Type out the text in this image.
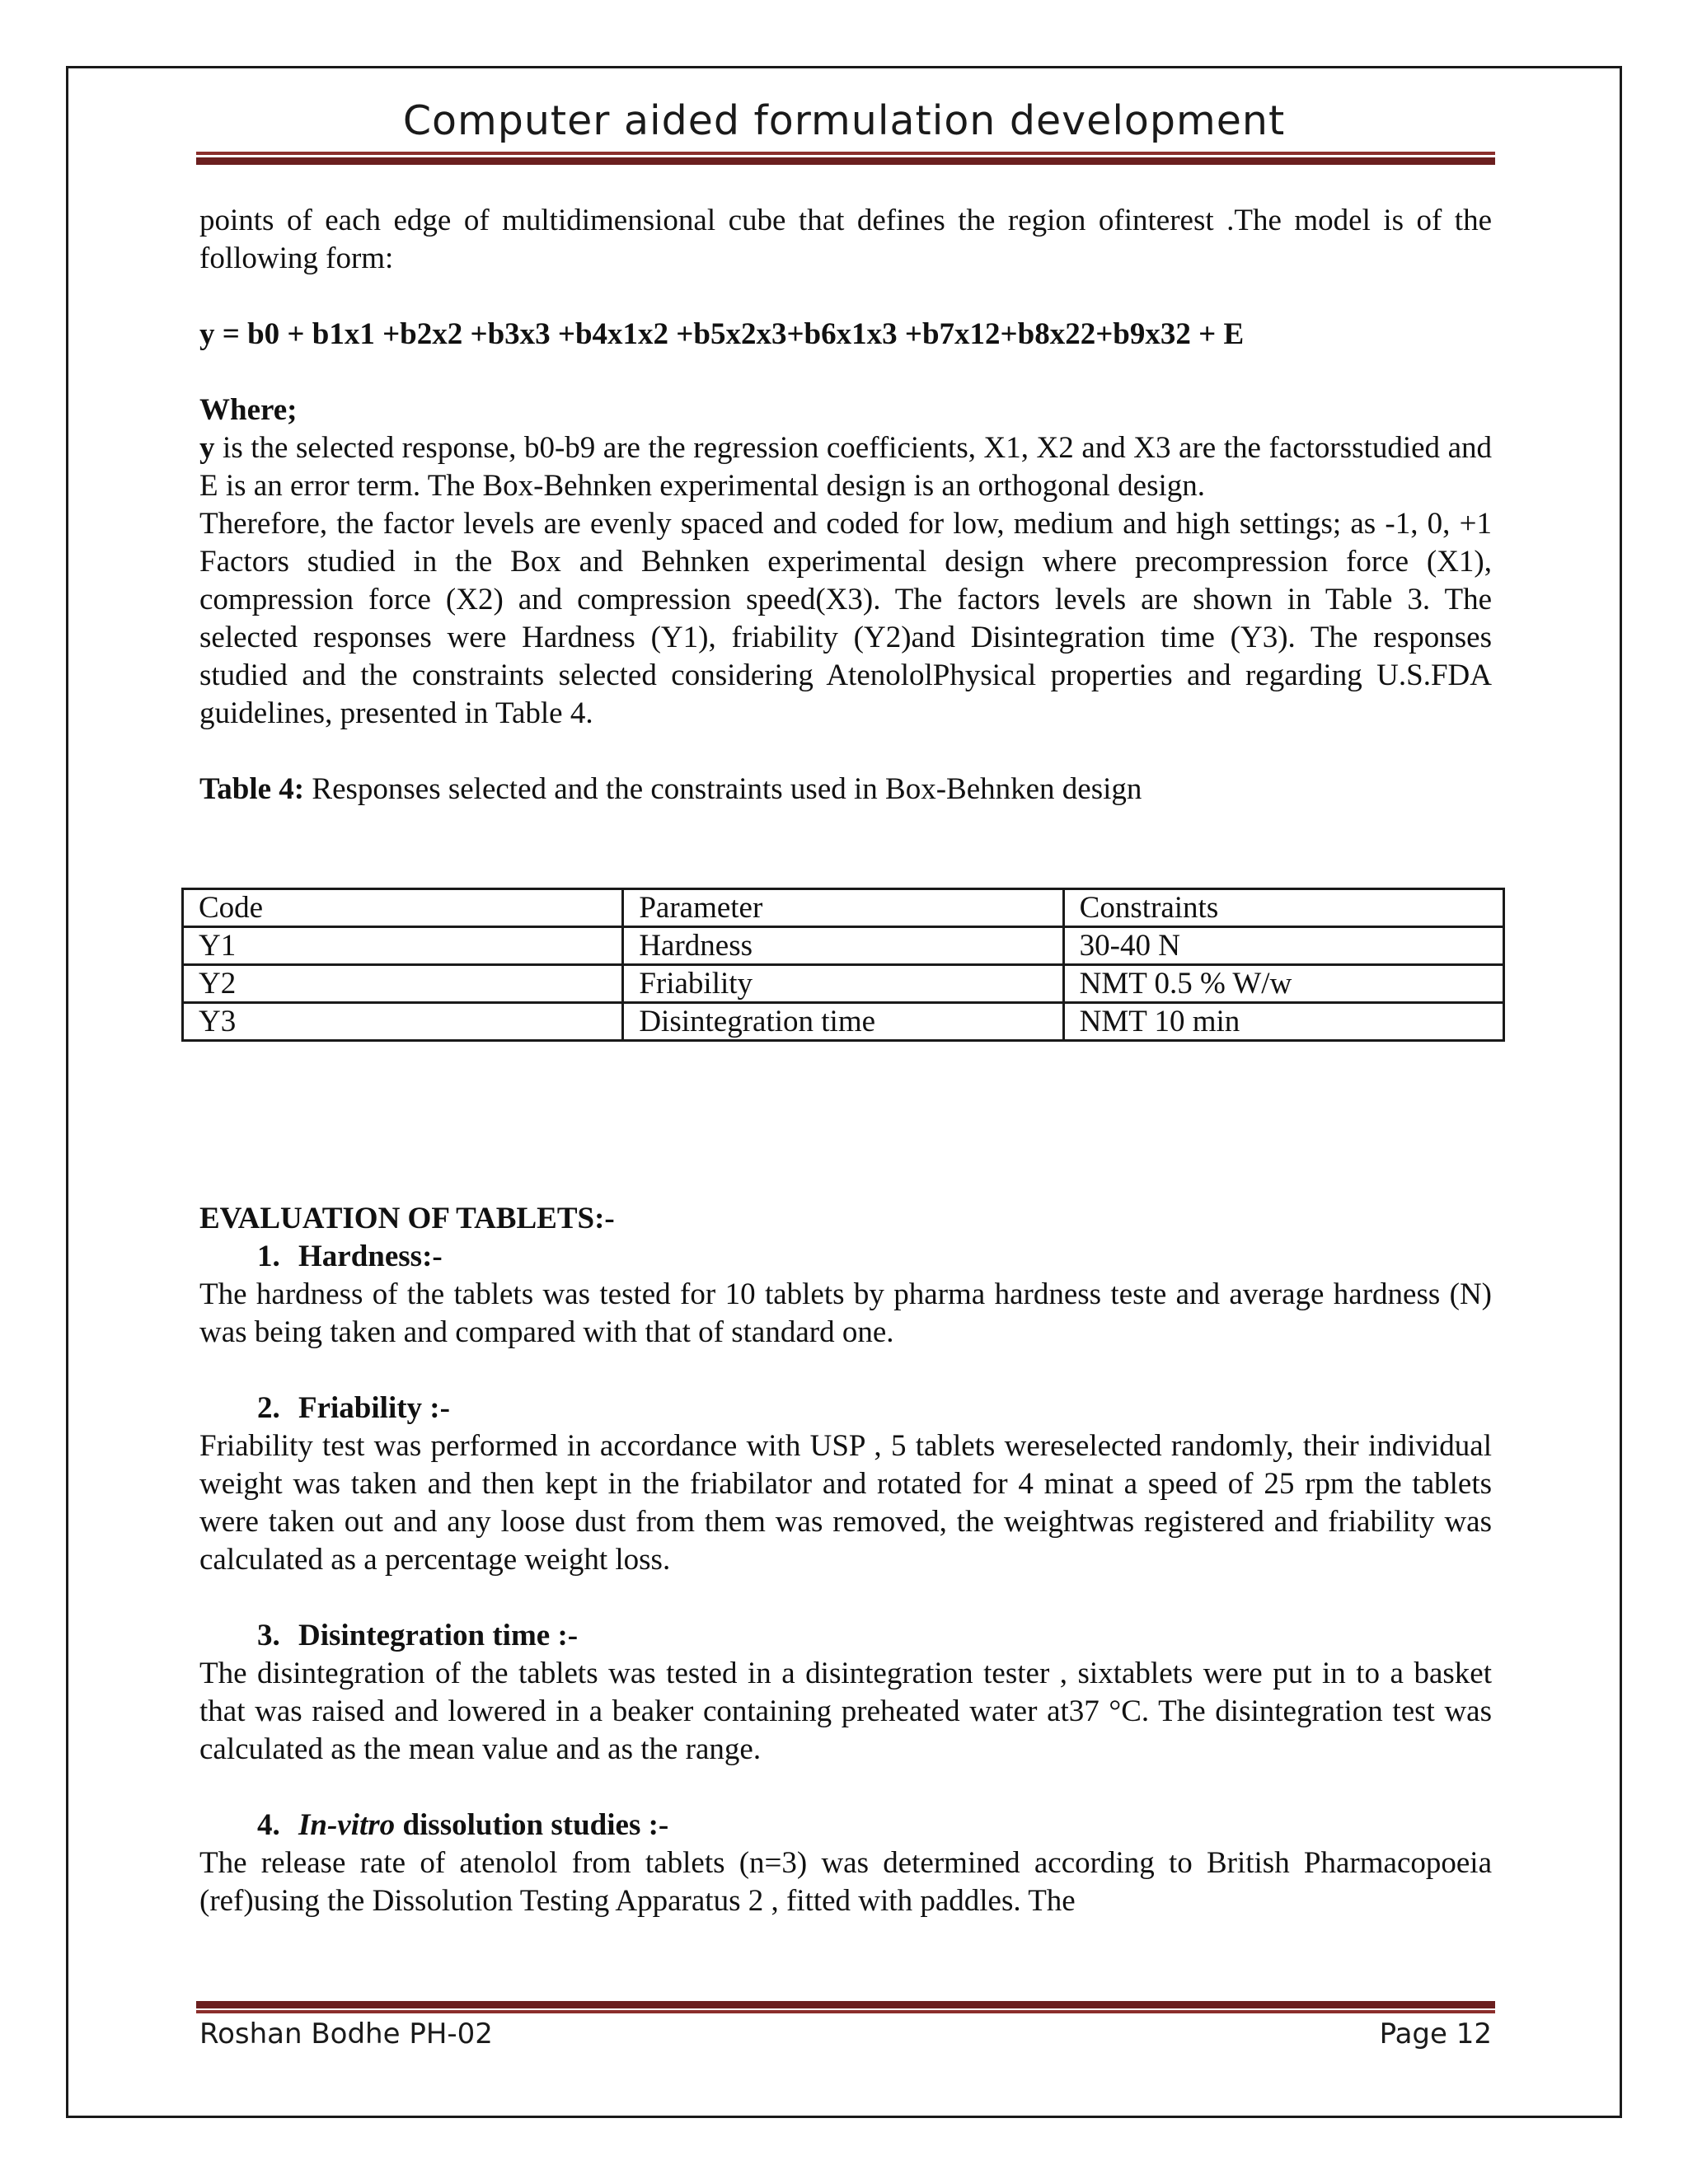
Computer aided formulation development

points of each edge of multidimensional cube that defines the region ofinterest .The model is of the following form:

y = b0 + b1x1 +b2x2 +b3x3 +b4x1x2 +b5x2x3+b6x1x3 +b7x12+b8x22+b9x32 + E

Where;

y is the selected response, b0-b9 are the regression coefficients, X1, X2 and X3 are the factorsstudied and E is an error term. The Box-Behnken experimental design is an orthogonal design.

Therefore, the factor levels are evenly spaced and coded for low, medium and high settings; as -1, 0, +1 Factors studied in the Box and Behnken experimental design where precompression force (X1), compression force (X2) and compression speed(X3). The factors levels are shown in Table 3. The selected responses were Hardness (Y1), friability (Y2)and Disintegration time (Y3). The responses studied and the constraints selected considering AtenololPhysical properties and regarding U.S.FDA guidelines, presented in Table 4.

Table 4: Responses selected and the constraints used in Box-Behnken design

Code	Parameter	Constraints
Y1	Hardness	30-40 N
Y2	Friability	NMT 0.5 % W/w
Y3	Disintegration time	NMT 10 min

EVALUATION OF TABLETS:-

1. Hardness:-

The hardness of the tablets was tested for 10 tablets by pharma hardness teste and average hardness (N) was being taken and compared with that of standard one.

2. Friability :-

Friability test was performed in accordance with USP , 5 tablets wereselected randomly, their individual weight was taken and then kept in the friabilator and rotated for 4 minat a speed of 25 rpm the tablets were taken out and any loose dust from them was removed, the weightwas registered and friability was calculated as a percentage weight loss.

3. Disintegration time :-

The disintegration of the tablets was tested in a disintegration tester , sixtablets were put in to a basket that was raised and lowered in a beaker containing preheated water at37 °C. The disintegration test was calculated as the mean value and as the range.

4. In-vitro dissolution studies :-

The release rate of atenolol from tablets (n=3) was determined according to British Pharmacopoeia (ref)using the Dissolution Testing Apparatus 2 , fitted with paddles. The

Roshan Bodhe PH-02	Page 12
